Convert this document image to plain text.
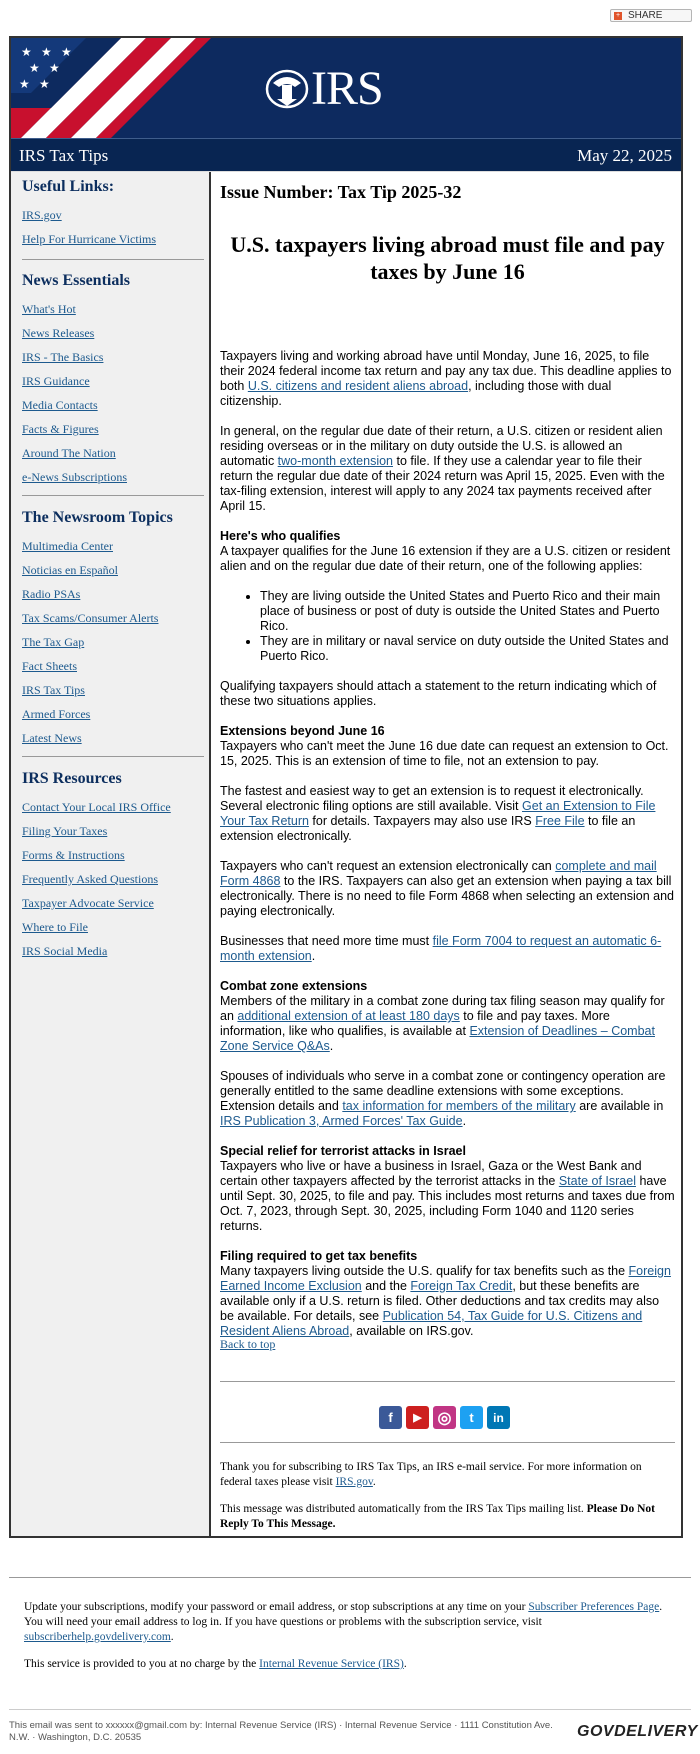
+ SHARE
★ ★ ★
★ ★
★ ★	IRS
IRS Tax Tips	May 22, 2025
Useful Links:
IRS.gov
Help For Hurricane Victims
News Essentials
What's Hot
News Releases
IRS - The Basics
IRS Guidance
Media Contacts
Facts & Figures
Around The Nation
e-News Subscriptions
The Newsroom Topics
Multimedia Center
Noticias en Español
Radio PSAs
Tax Scams/Consumer Alerts
The Tax Gap
Fact Sheets
IRS Tax Tips
Armed Forces
Latest News
IRS Resources
Contact Your Local IRS Office
Filing Your Taxes
Forms & Instructions
Frequently Asked Questions
Taxpayer Advocate Service
Where to File
IRS Social Media
Issue Number: Tax Tip 2025-32
U.S. taxpayers living abroad must file and pay taxes by June 16

Taxpayers living and working abroad have until Monday, June 16, 2025, to file their 2024 federal income tax return and pay any tax due. This deadline applies to both U.S. citizens and resident aliens abroad, including those with dual citizenship.

In general, on the regular due date of their return, a U.S. citizen or resident alien residing overseas or in the military on duty outside the U.S. is allowed an automatic two-month extension to file. If they use a calendar year to file their return the regular due date of their 2024 return was April 15, 2025. Even with the tax-filing extension, interest will apply to any 2024 tax payments received after April 15.

Here's who qualifies
A taxpayer qualifies for the June 16 extension if they are a U.S. citizen or resident alien and on the regular due date of their return, one of the following applies:

• They are living outside the United States and Puerto Rico and their main place of business or post of duty is outside the United States and Puerto Rico.
• They are in military or naval service on duty outside the United States and Puerto Rico.

Qualifying taxpayers should attach a statement to the return indicating which of these two situations applies.

Extensions beyond June 16
Taxpayers who can't meet the June 16 due date can request an extension to Oct. 15, 2025. This is an extension of time to file, not an extension to pay.

The fastest and easiest way to get an extension is to request it electronically. Several electronic filing options are still available. Visit Get an Extension to File Your Tax Return for details. Taxpayers may also use IRS Free File to file an extension electronically.

Taxpayers who can't request an extension electronically can complete and mail Form 4868 to the IRS. Taxpayers can also get an extension when paying a tax bill electronically. There is no need to file Form 4868 when selecting an extension and paying electronically.

Businesses that need more time must file Form 7004 to request an automatic 6-month extension.

Combat zone extensions
Members of the military in a combat zone during tax filing season may qualify for an additional extension of at least 180 days to file and pay taxes. More information, like who qualifies, is available at Extension of Deadlines – Combat Zone Service Q&As.

Spouses of individuals who serve in a combat zone or contingency operation are generally entitled to the same deadline extensions with some exceptions. Extension details and tax information for members of the military are available in IRS Publication 3, Armed Forces' Tax Guide.

Special relief for terrorist attacks in Israel
Taxpayers who live or have a business in Israel, Gaza or the West Bank and certain other taxpayers affected by the terrorist attacks in the State of Israel have until Sept. 30, 2025, to file and pay. This includes most returns and taxes due from Oct. 7, 2023, through Sept. 30, 2025, including Form 1040 and 1120 series returns.

Filing required to get tax benefits
Many taxpayers living outside the U.S. qualify for tax benefits such as the Foreign Earned Income Exclusion and the Foreign Tax Credit, but these benefits are available only if a U.S. return is filed. Other deductions and tax credits may also be available. For details, see Publication 54, Tax Guide for U.S. Citizens and Resident Aliens Abroad, available on IRS.gov.

Back to top
f	▶ ◎	t	in

Thank you for subscribing to IRS Tax Tips, an IRS e-mail service. For more information on federal taxes please visit IRS.gov.

This message was distributed automatically from the IRS Tax Tips mailing list. Please Do Not Reply To This Message.

Update your subscriptions, modify your password or email address, or stop subscriptions at any time on your Subscriber Preferences Page. You will need your email address to log in. If you have questions or problems with the subscription service, visit subscriberhelp.govdelivery.com.

This service is provided to you at no charge by the Internal Revenue Service (IRS).

This email was sent to xxxxxx@gmail.com by: Internal Revenue Service (IRS) · Internal Revenue Service · 1111 Constitution Ave. N.W. · Washington, D.C. 20535	GOVDELIVERY
